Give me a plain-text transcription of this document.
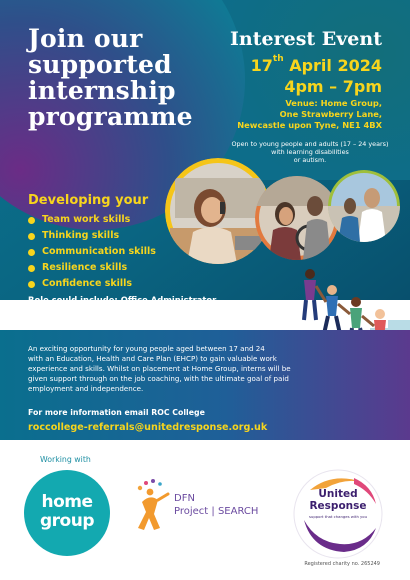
Join our supported internship programme
Interest Event
17th April 2024
4pm – 7pm
Venue: Home Group,
One Strawberry Lane,
Newcastle upon Tyne, NE1 4BX
Open to young people and adults (17 – 24 years)
with learning disabilities
or autism.
Developing your
Team work skills
Thinking skills
Communication skills
Resilience skills
Confidence skills
Role could include: Office Administrator,
Front of House/Host and Facilities Assistant
An exciting opportunity for young people aged between 17 and 24
with an Education, Health and Care Plan (EHCP) to gain valuable work
experience and skills. Whilst on placement at Home Group, interns will be
given support through on the job coaching, with the ultimate goal of paid
employment and independence.
For more information email ROC College
roccollege-referrals@unitedresponse.org.uk
Working with
home
group
DFN
Project | SEARCH
United
Response
support that changes with you
Registered charity no. 265249
